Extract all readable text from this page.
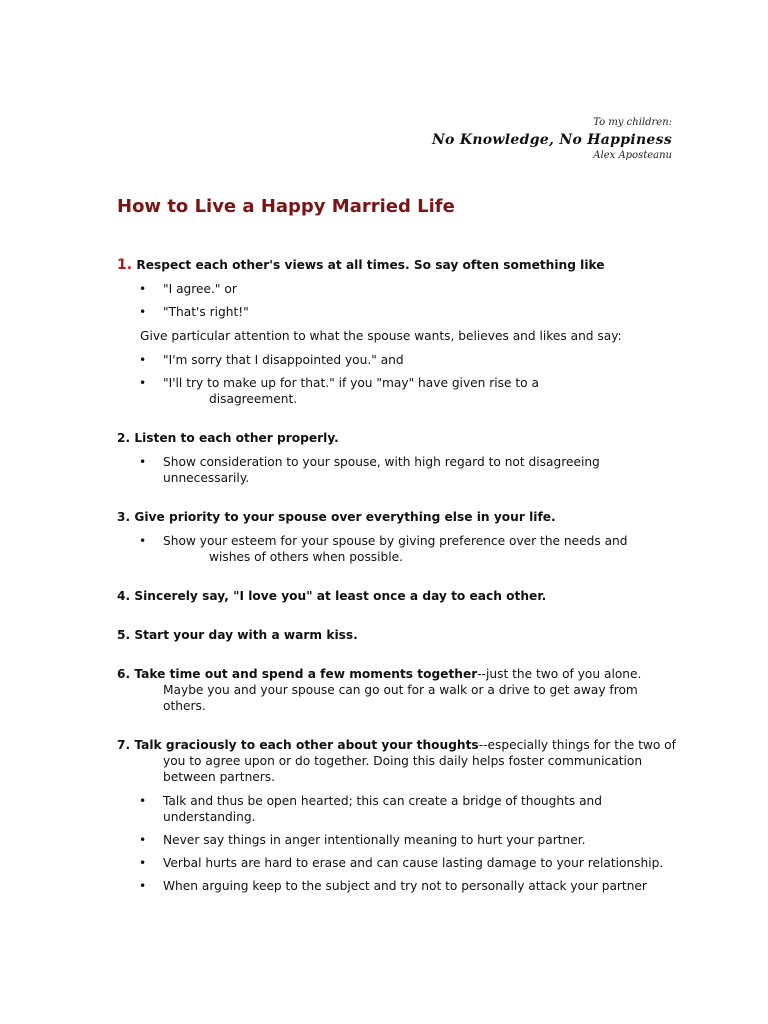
To my children:
No Knowledge, No Happiness
Alex Aposteanu
How to Live a Happy Married Life
1. Respect each other's views at all times. So say often something like
• "I agree." or
• "That's right!"

Give particular attention to what the spouse wants, believes and likes and say:

• "I'm sorry that I disappointed you." and
• "I'll try to make up for that." if you "may" have given rise to a
disagreement.
2. Listen to each other properly.
• Show consideration to your spouse, with high regard to not disagreeing
unnecessarily.
3. Give priority to your spouse over everything else in your life.
• Show your esteem for your spouse by giving preference over the needs and
wishes of others when possible.
4. Sincerely say, "I love you" at least once a day to each other.
5. Start your day with a warm kiss.
6. Take time out and spend a few moments together--just the two of you alone. Maybe you and your spouse can go out for a walk or a drive to get away from others.
7. Talk graciously to each other about your thoughts--especially things for the two of you to agree upon or do together. Doing this daily helps foster communication between partners.
• Talk and thus be open hearted; this can create a bridge of thoughts and understanding.
• Never say things in anger intentionally meaning to hurt your partner.
• Verbal hurts are hard to erase and can cause lasting damage to your relationship.
• When arguing keep to the subject and try not to personally attack your partner
